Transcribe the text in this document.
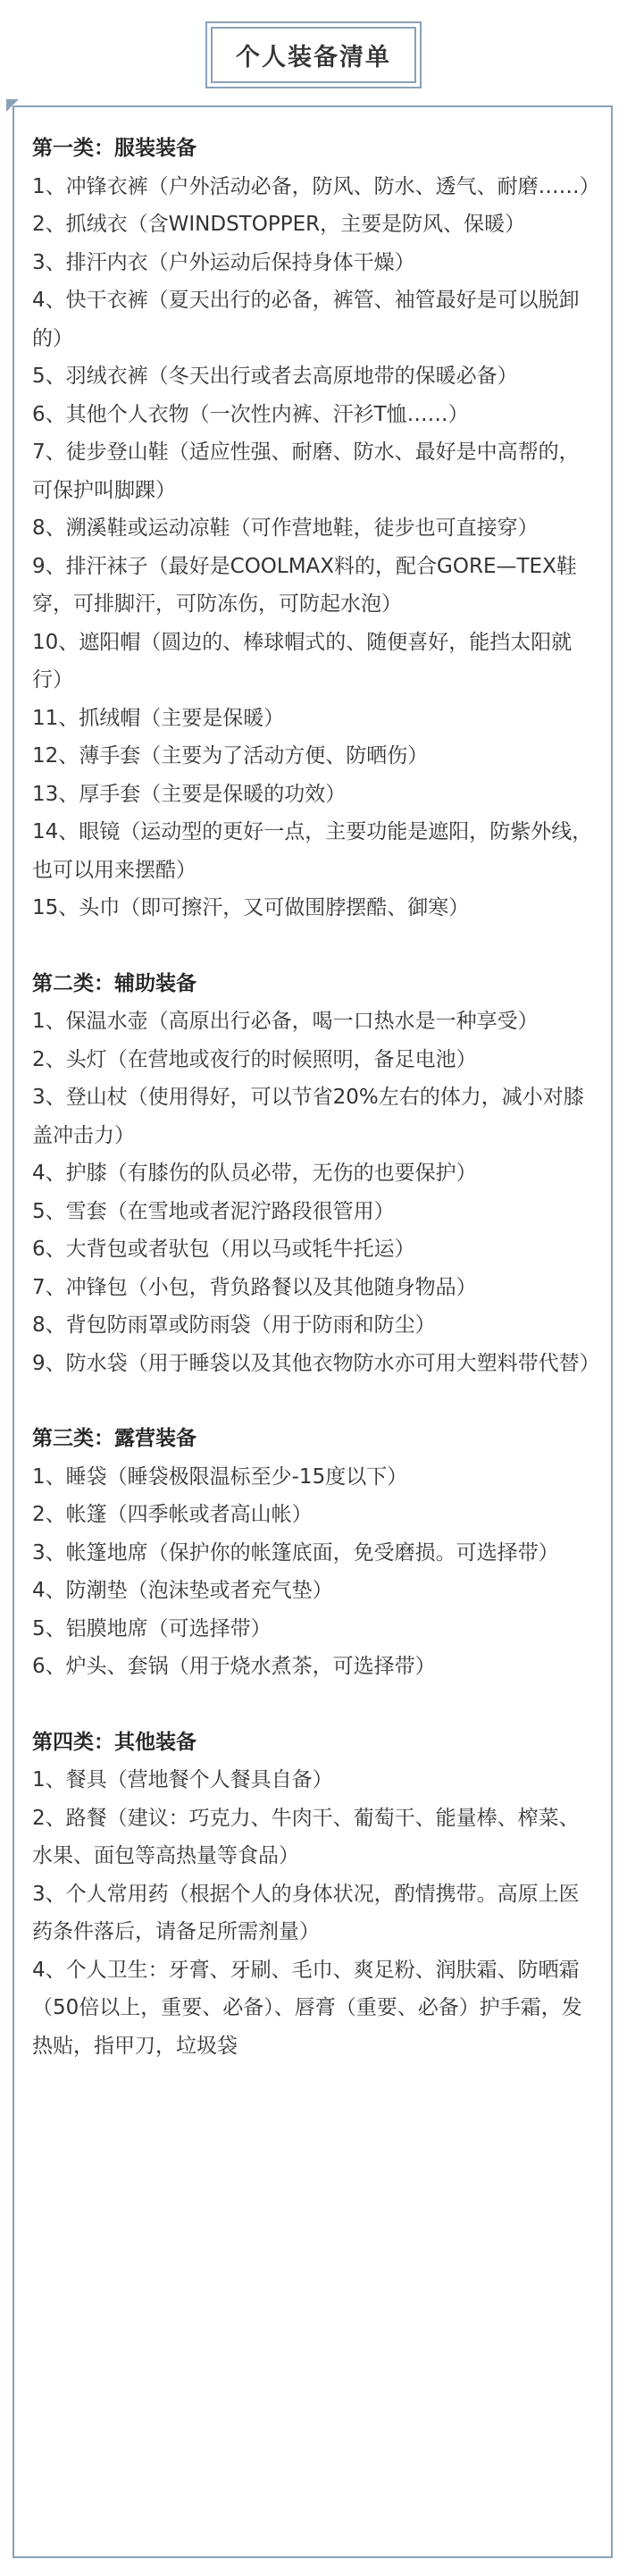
个人装备清单

第一类：服装装备

1、冲锋衣裤（户外活动必备，防风、防水、透气、耐磨……）
2、抓绒衣（含WINDSTOPPER，主要是防风、保暖）
3、排汗内衣（户外运动后保持身体干燥）
4、快干衣裤（夏天出行的必备，裤管、袖管最好是可以脱卸的）
5、羽绒衣裤（冬天出行或者去高原地带的保暖必备）
6、其他个人衣物（一次性内裤、汗衫T恤……）
7、徒步登山鞋（适应性强、耐磨、防水、最好是中高帮的，可保护叫脚踝）
8、溯溪鞋或运动凉鞋（可作营地鞋，徒步也可直接穿）
9、排汗袜子（最好是COOLMAX料的，配合GORE—TEX鞋穿，可排脚汗，可防冻伤，可防起水泡）
10、遮阳帽（圆边的、棒球帽式的、随便喜好，能挡太阳就行）
11、抓绒帽（主要是保暖）
12、薄手套（主要为了活动方便、防晒伤）
13、厚手套（主要是保暖的功效）
14、眼镜（运动型的更好一点，主要功能是遮阳，防紫外线，也可以用来摆酷）
15、头巾（即可擦汗，又可做围脖摆酷、御寒）

第二类：辅助装备

1、保温水壶（高原出行必备，喝一口热水是一种享受）
2、头灯（在营地或夜行的时候照明，备足电池）
3、登山杖（使用得好，可以节省20%左右的体力，减小对膝盖冲击力）
4、护膝（有膝伤的队员必带，无伤的也要保护）
5、雪套（在雪地或者泥泞路段很管用）
6、大背包或者驮包（用以马或牦牛托运）
7、冲锋包（小包，背负路餐以及其他随身物品）
8、背包防雨罩或防雨袋（用于防雨和防尘）
9、防水袋（用于睡袋以及其他衣物防水亦可用大塑料带代替）

第三类：露营装备

1、睡袋（睡袋极限温标至少-15度以下）
2、帐篷（四季帐或者高山帐）
3、帐篷地席（保护你的帐篷底面，免受磨损。可选择带）
4、防潮垫（泡沫垫或者充气垫）
5、铝膜地席（可选择带）
6、炉头、套锅（用于烧水煮茶，可选择带）

第四类：其他装备

1、餐具（营地餐个人餐具自备）
2、路餐（建议：巧克力、牛肉干、葡萄干、能量棒、榨菜、水果、面包等高热量等食品）
3、个人常用药（根据个人的身体状况，酌情携带。高原上医药条件落后，请备足所需剂量）
4、个人卫生：牙膏、牙刷、毛巾、爽足粉、润肤霜、防晒霜（50倍以上，重要、必备）、唇膏（重要、必备）护手霜，发热贴，指甲刀，垃圾袋
